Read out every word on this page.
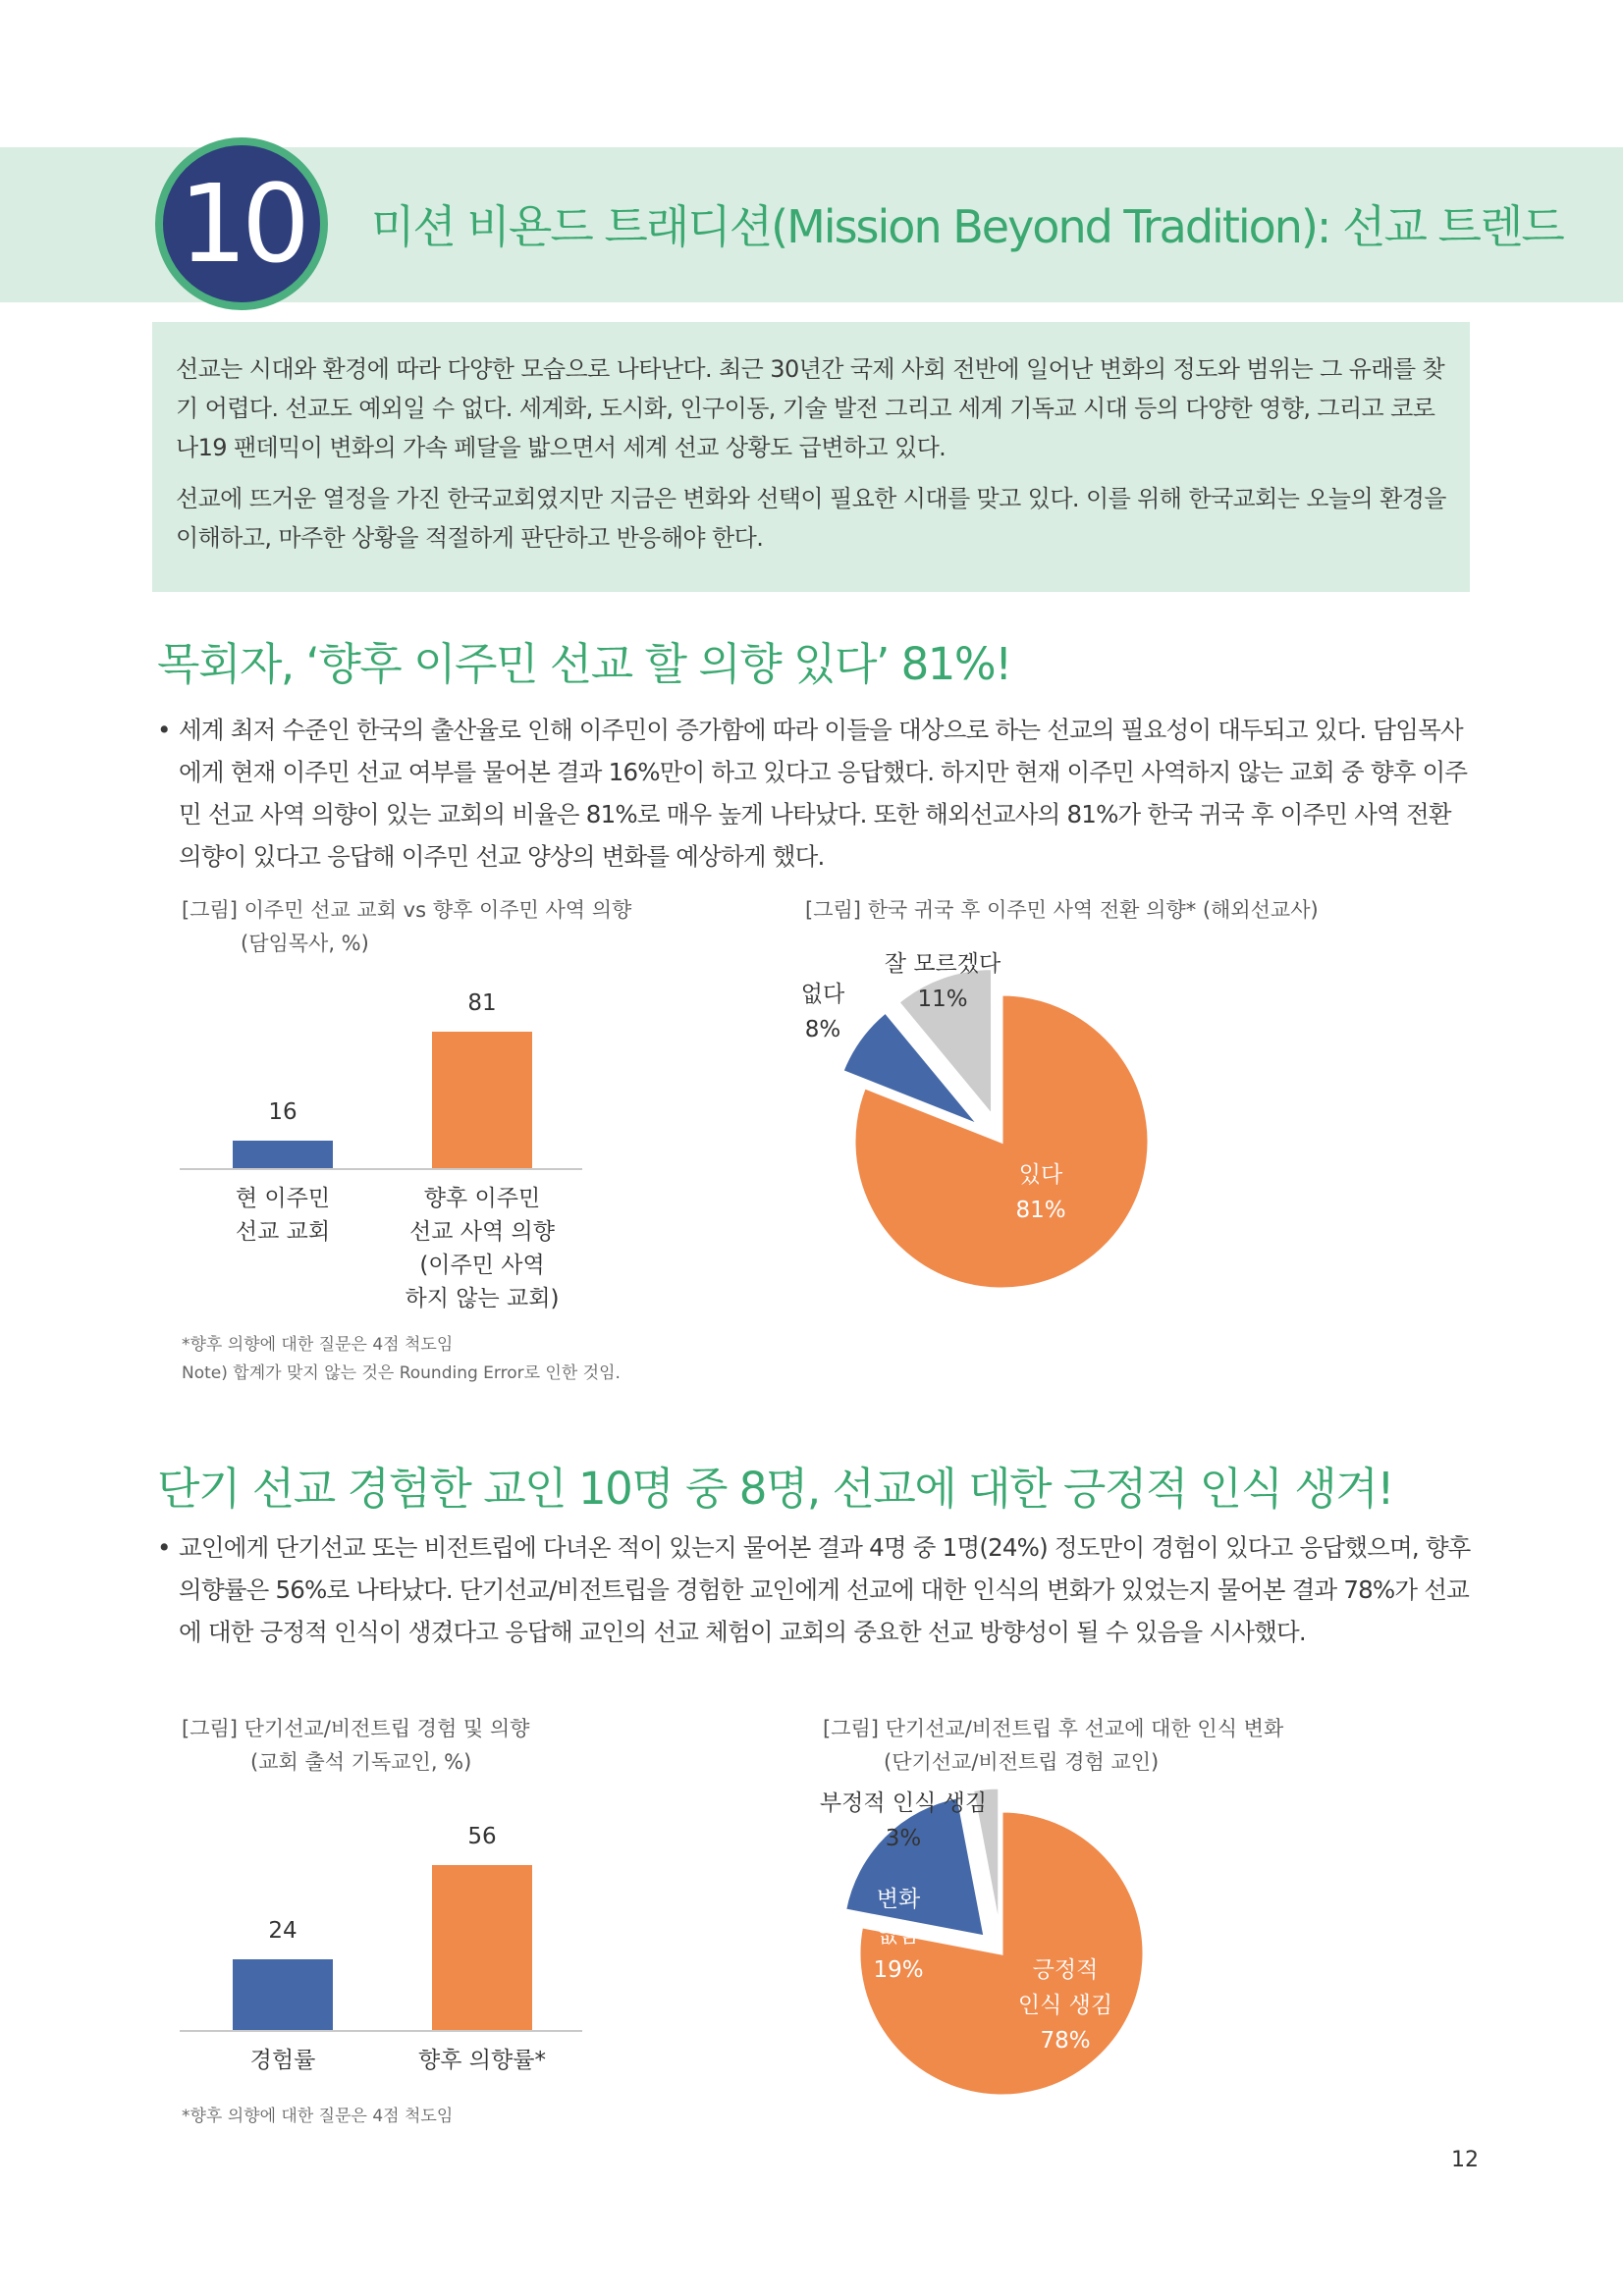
10	미션 비욘드 트래디션(Mission Beyond Tradition): 선교 트렌드

선교는 시대와 환경에 따라 다양한 모습으로 나타난다. 최근 30년간 국제 사회 전반에 일어난 변화의 정도와 범위는 그 유래를 찾기 어렵다. 선교도 예외일 수 없다. 세계화, 도시화, 인구이동, 기술 발전 그리고 세계 기독교 시대 등의 다양한 영향, 그리고 코로나19 팬데믹이 변화의 가속 페달을 밟으면서 세계 선교 상황도 급변하고 있다.

선교에 뜨거운 열정을 가진 한국교회였지만 지금은 변화와 선택이 필요한 시대를 맞고 있다. 이를 위해 한국교회는 오늘의 환경을 이해하고, 마주한 상황을 적절하게 판단하고 반응해야 한다.

목회자, ‘향후 이주민 선교 할 의향 있다’ 81%!
• 세계 최저 수준인 한국의 출산율로 인해 이주민이 증가함에 따라 이들을 대상으로 하는 선교의 필요성이 대두되고 있다. 담임목사에게 현재 이주민 선교 여부를 물어본 결과 16%만이 하고 있다고 응답했다. 하지만 현재 이주민 사역하지 않는 교회 중 향후 이주민 선교 사역 의향이 있는 교회의 비율은 81%로 매우 높게 나타났다. 또한 해외선교사의 81%가 한국 귀국 후 이주민 사역 전환 의향이 있다고 응답해 이주민 선교 양상의 변화를 예상하게 했다.
[그림] 이주민 선교 교회 vs 향후 이주민 사역 의향
(담임목사, %)
16
현 이주민
선교 교회
81
향후 이주민
선교 사역 의향
(이주민 사역
하지 않는 교회)
[그림] 한국 귀국 후 이주민 사역 전환 의향* (해외선교사)
있다
81%
없다
8%
잘 모르겠다
11%
*향후 의향에 대한 질문은 4점 척도임
Note) 합계가 맞지 않는 것은 Rounding Error로 인한 것임.
단기 선교 경험한 교인 10명 중 8명, 선교에 대한 긍정적 인식 생겨!
• 교인에게 단기선교 또는 비전트립에 다녀온 적이 있는지 물어본 결과 4명 중 1명(24%) 정도만이 경험이 있다고 응답했으며, 향후 의향률은 56%로 나타났다. 단기선교/비전트립을 경험한 교인에게 선교에 대한 인식의 변화가 있었는지 물어본 결과 78%가 선교에 대한 긍정적 인식이 생겼다고 응답해 교인의 선교 체험이 교회의 중요한 선교 방향성이 될 수 있음을 시사했다.
[그림] 단기선교/비전트립 경험 및 의향
(교회 출석 기독교인, %)
24
경험률
56
향후 의향률*
[그림] 단기선교/비전트립 후 선교에 대한 인식 변화
(단기선교/비전트립 경험 교인)
긍정적
인식 생김
78%
변화
없음
19%
부정적 인식 생김
3%
*향후 의향에 대한 질문은 4점 척도임
12
